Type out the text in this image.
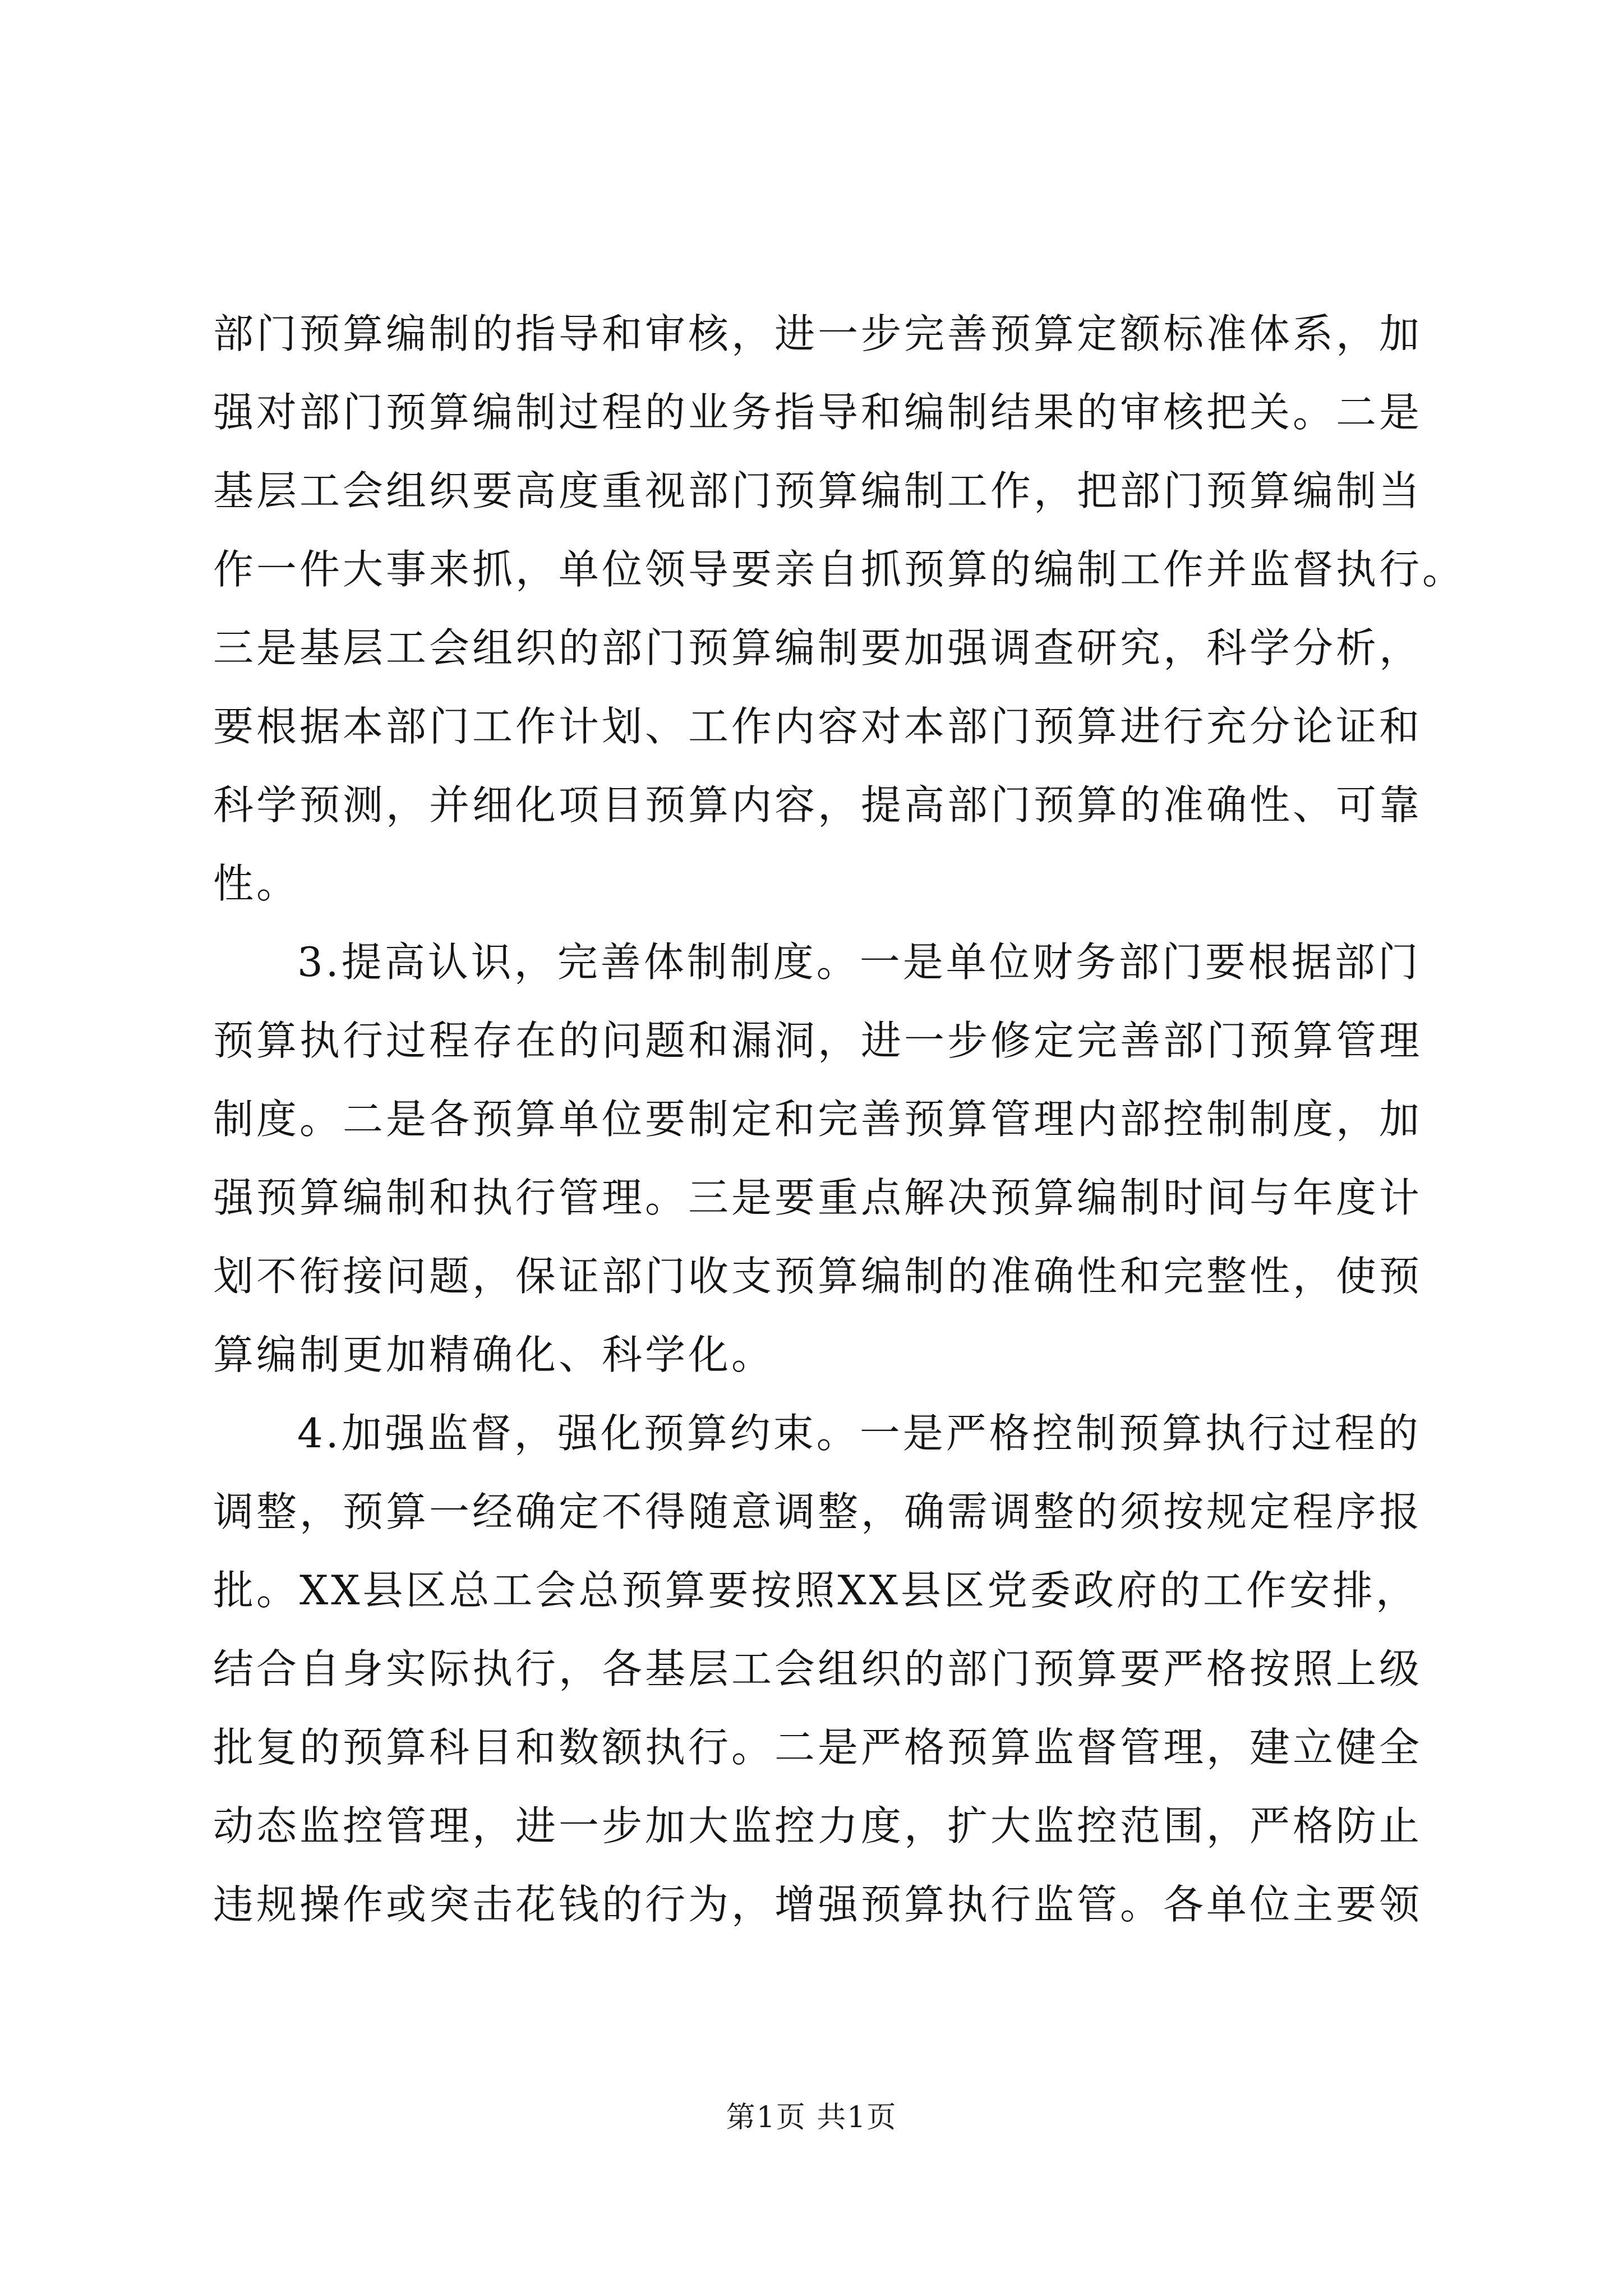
部门预算编制的指导和审核，进一步完善预算定额标准体系，加
强对部门预算编制过程的业务指导和编制结果的审核把关。二是
基层工会组织要高度重视部门预算编制工作，把部门预算编制当
作一件大事来抓，单位领导要亲自抓预算的编制工作并监督执行。
三是基层工会组织的部门预算编制要加强调查研究，科学分析，
要根据本部门工作计划、工作内容对本部门预算进行充分论证和
科学预测，并细化项目预算内容，提高部门预算的准确性、可靠
性。
3.提高认识，完善体制制度。一是单位财务部门要根据部门
预算执行过程存在的问题和漏洞，进一步修定完善部门预算管理
制度。二是各预算单位要制定和完善预算管理内部控制制度，加
强预算编制和执行管理。三是要重点解决预算编制时间与年度计
划不衔接问题，保证部门收支预算编制的准确性和完整性，使预
算编制更加精确化、科学化。
4.加强监督，强化预算约束。一是严格控制预算执行过程的
调整，预算一经确定不得随意调整，确需调整的须按规定程序报
批。XX县区总工会总预算要按照XX县区党委政府的工作安排，
结合自身实际执行，各基层工会组织的部门预算要严格按照上级
批复的预算科目和数额执行。二是严格预算监督管理，建立健全
动态监控管理，进一步加大监控力度，扩大监控范围，严格防止
违规操作或突击花钱的行为，增强预算执行监管。各单位主要领
第1页 共1页
